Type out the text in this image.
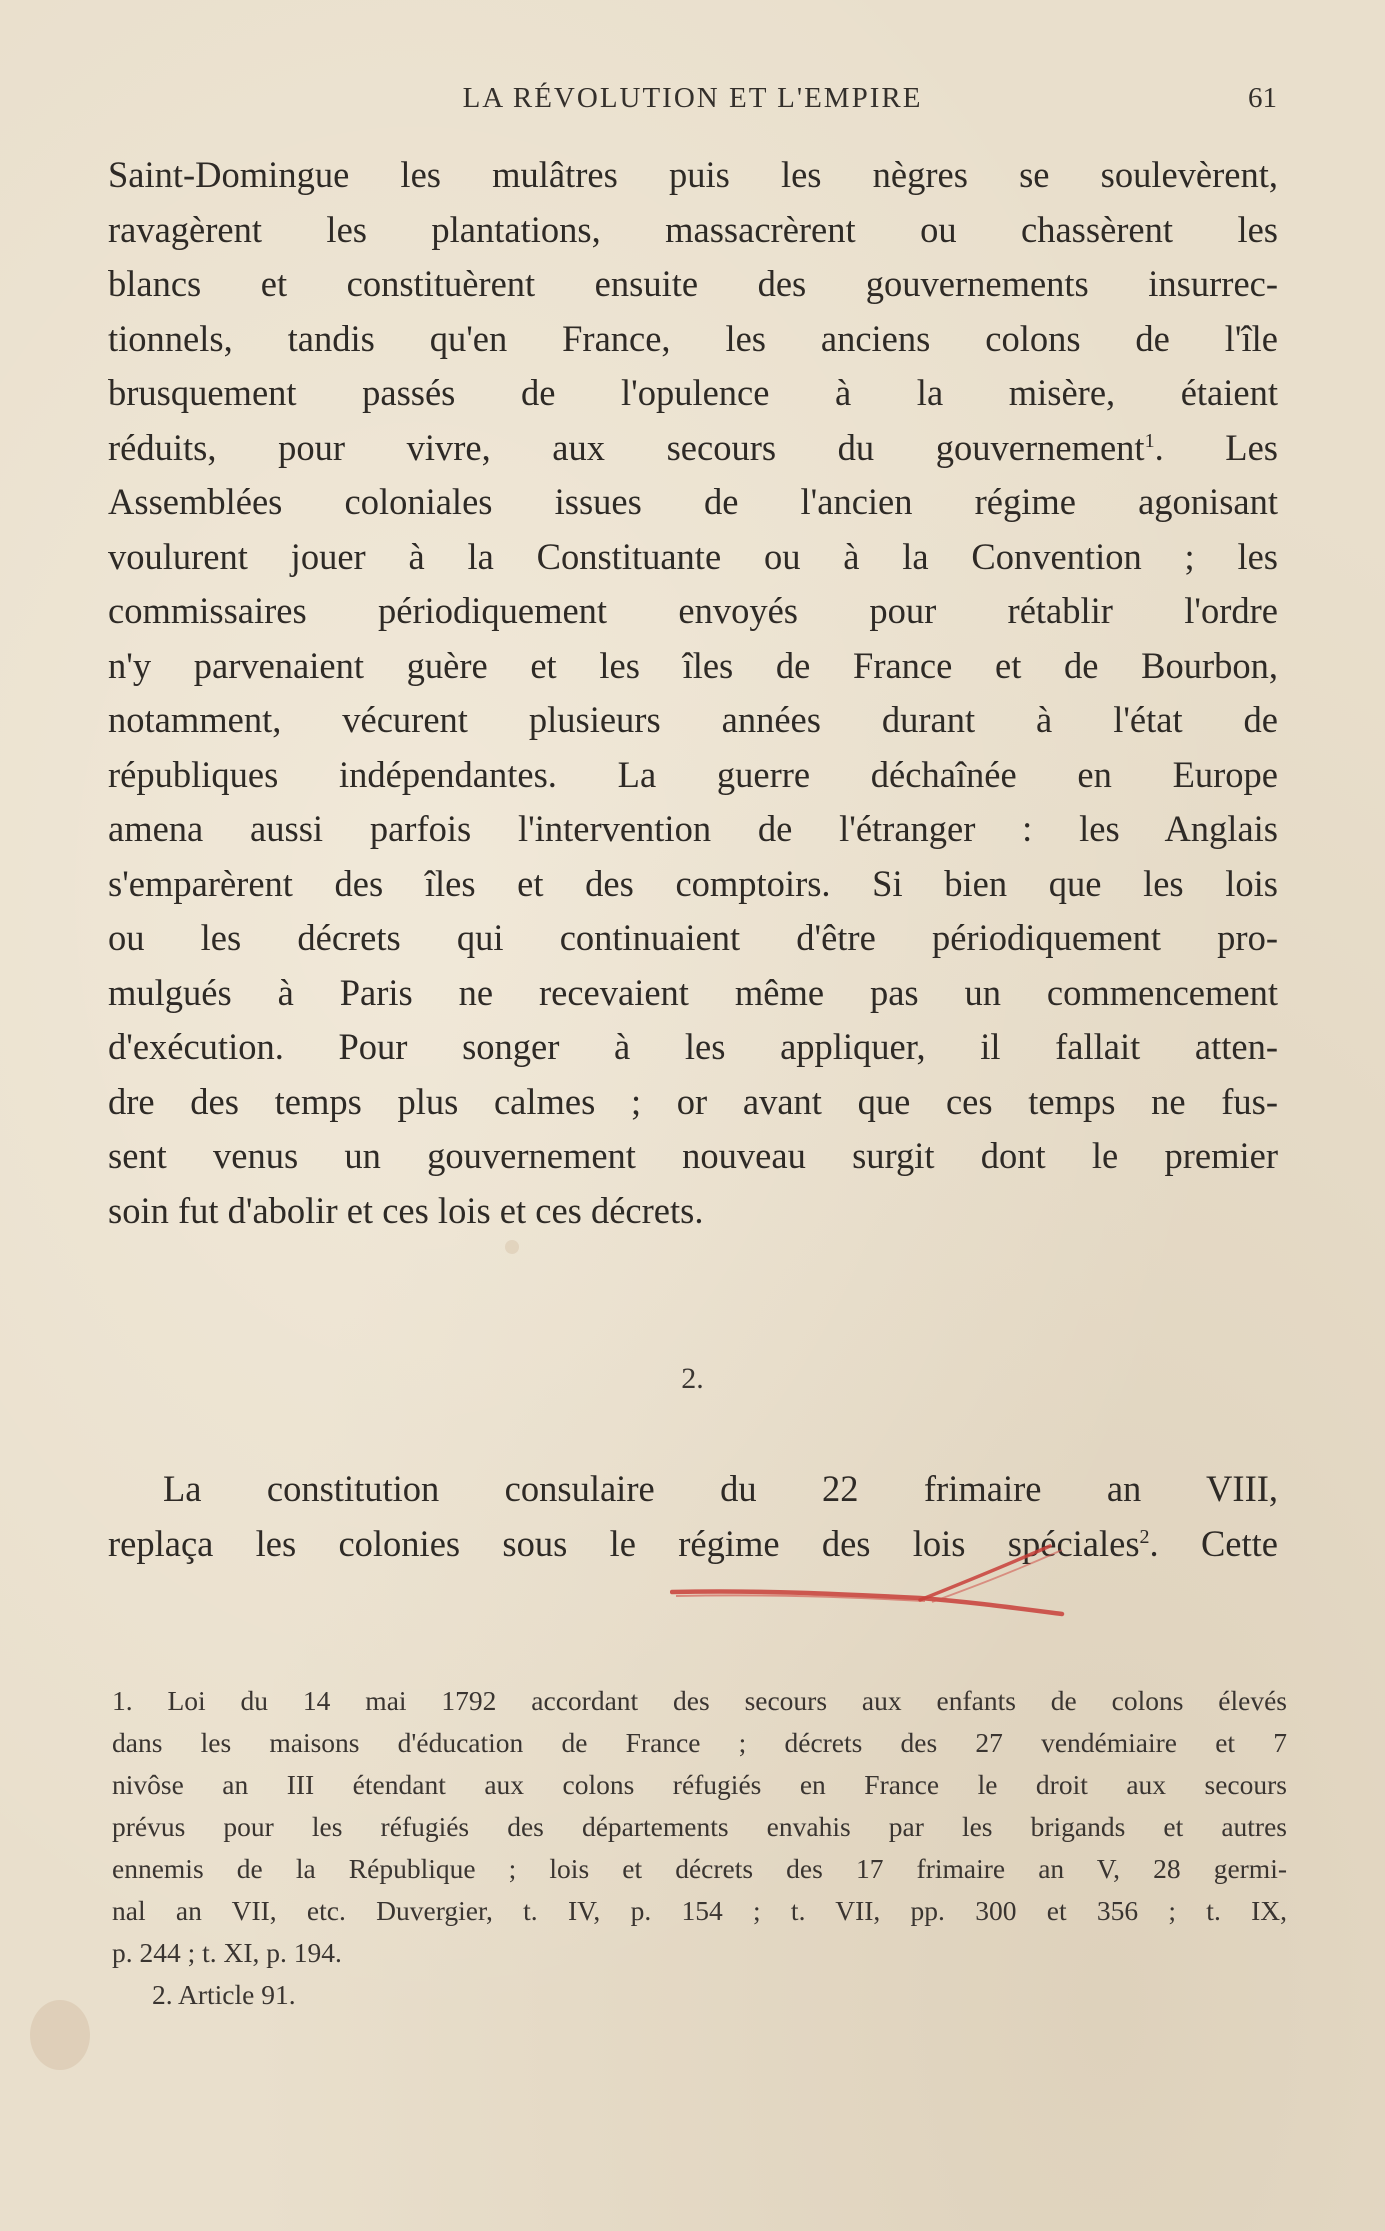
LA RÉVOLUTION ET L'EMPIRE	61
Saint-Domingue les mulâtres puis les nègres se soulevèrent,
ravagèrent les plantations, massacrèrent ou chassèrent les
blancs et constituèrent ensuite des gouvernements insurrec-
tionnels, tandis qu'en France, les anciens colons de l'île
brusquement passés de l'opulence à la misère, étaient
réduits, pour vivre, aux secours du gouvernement$^1$. Les
Assemblées coloniales issues de l'ancien régime agonisant
voulurent jouer à la Constituante ou à la Convention ; les
commissaires périodiquement envoyés pour rétablir l'ordre
n'y parvenaient guère et les îles de France et de Bourbon,
notamment, vécurent plusieurs années durant à l'état de
républiques indépendantes. La guerre déchaînée en Europe
amena aussi parfois l'intervention de l'étranger : les Anglais
s'emparèrent des îles et des comptoirs. Si bien que les lois
ou les décrets qui continuaient d'être périodiquement pro-
mulgués à Paris ne recevaient même pas un commencement
d'exécution. Pour songer à les appliquer, il fallait atten-
dre des temps plus calmes ; or avant que ces temps ne fus-
sent venus un gouvernement nouveau surgit dont le premier
soin fut d'abolir et ces lois et ces décrets.
2.
La constitution consulaire du 22 frimaire an VIII,
replaça les colonies sous le régime des lois spéciales$^2$. Cette
1. Loi du 14 mai 1792 accordant des secours aux enfants de colons élevés
dans les maisons d'éducation de France ; décrets des 27 vendémiaire et 7
nivôse an III étendant aux colons réfugiés en France le droit aux secours
prévus pour les réfugiés des départements envahis par les brigands et autres
ennemis de la République ; lois et décrets des 17 frimaire an V, 28 germi-
nal an VII, etc. Duvergier, t. IV, p. 154 ; t. VII, pp. 300 et 356 ; t. IX,
p. 244 ; t. XI, p. 194.
2. Article 91.
